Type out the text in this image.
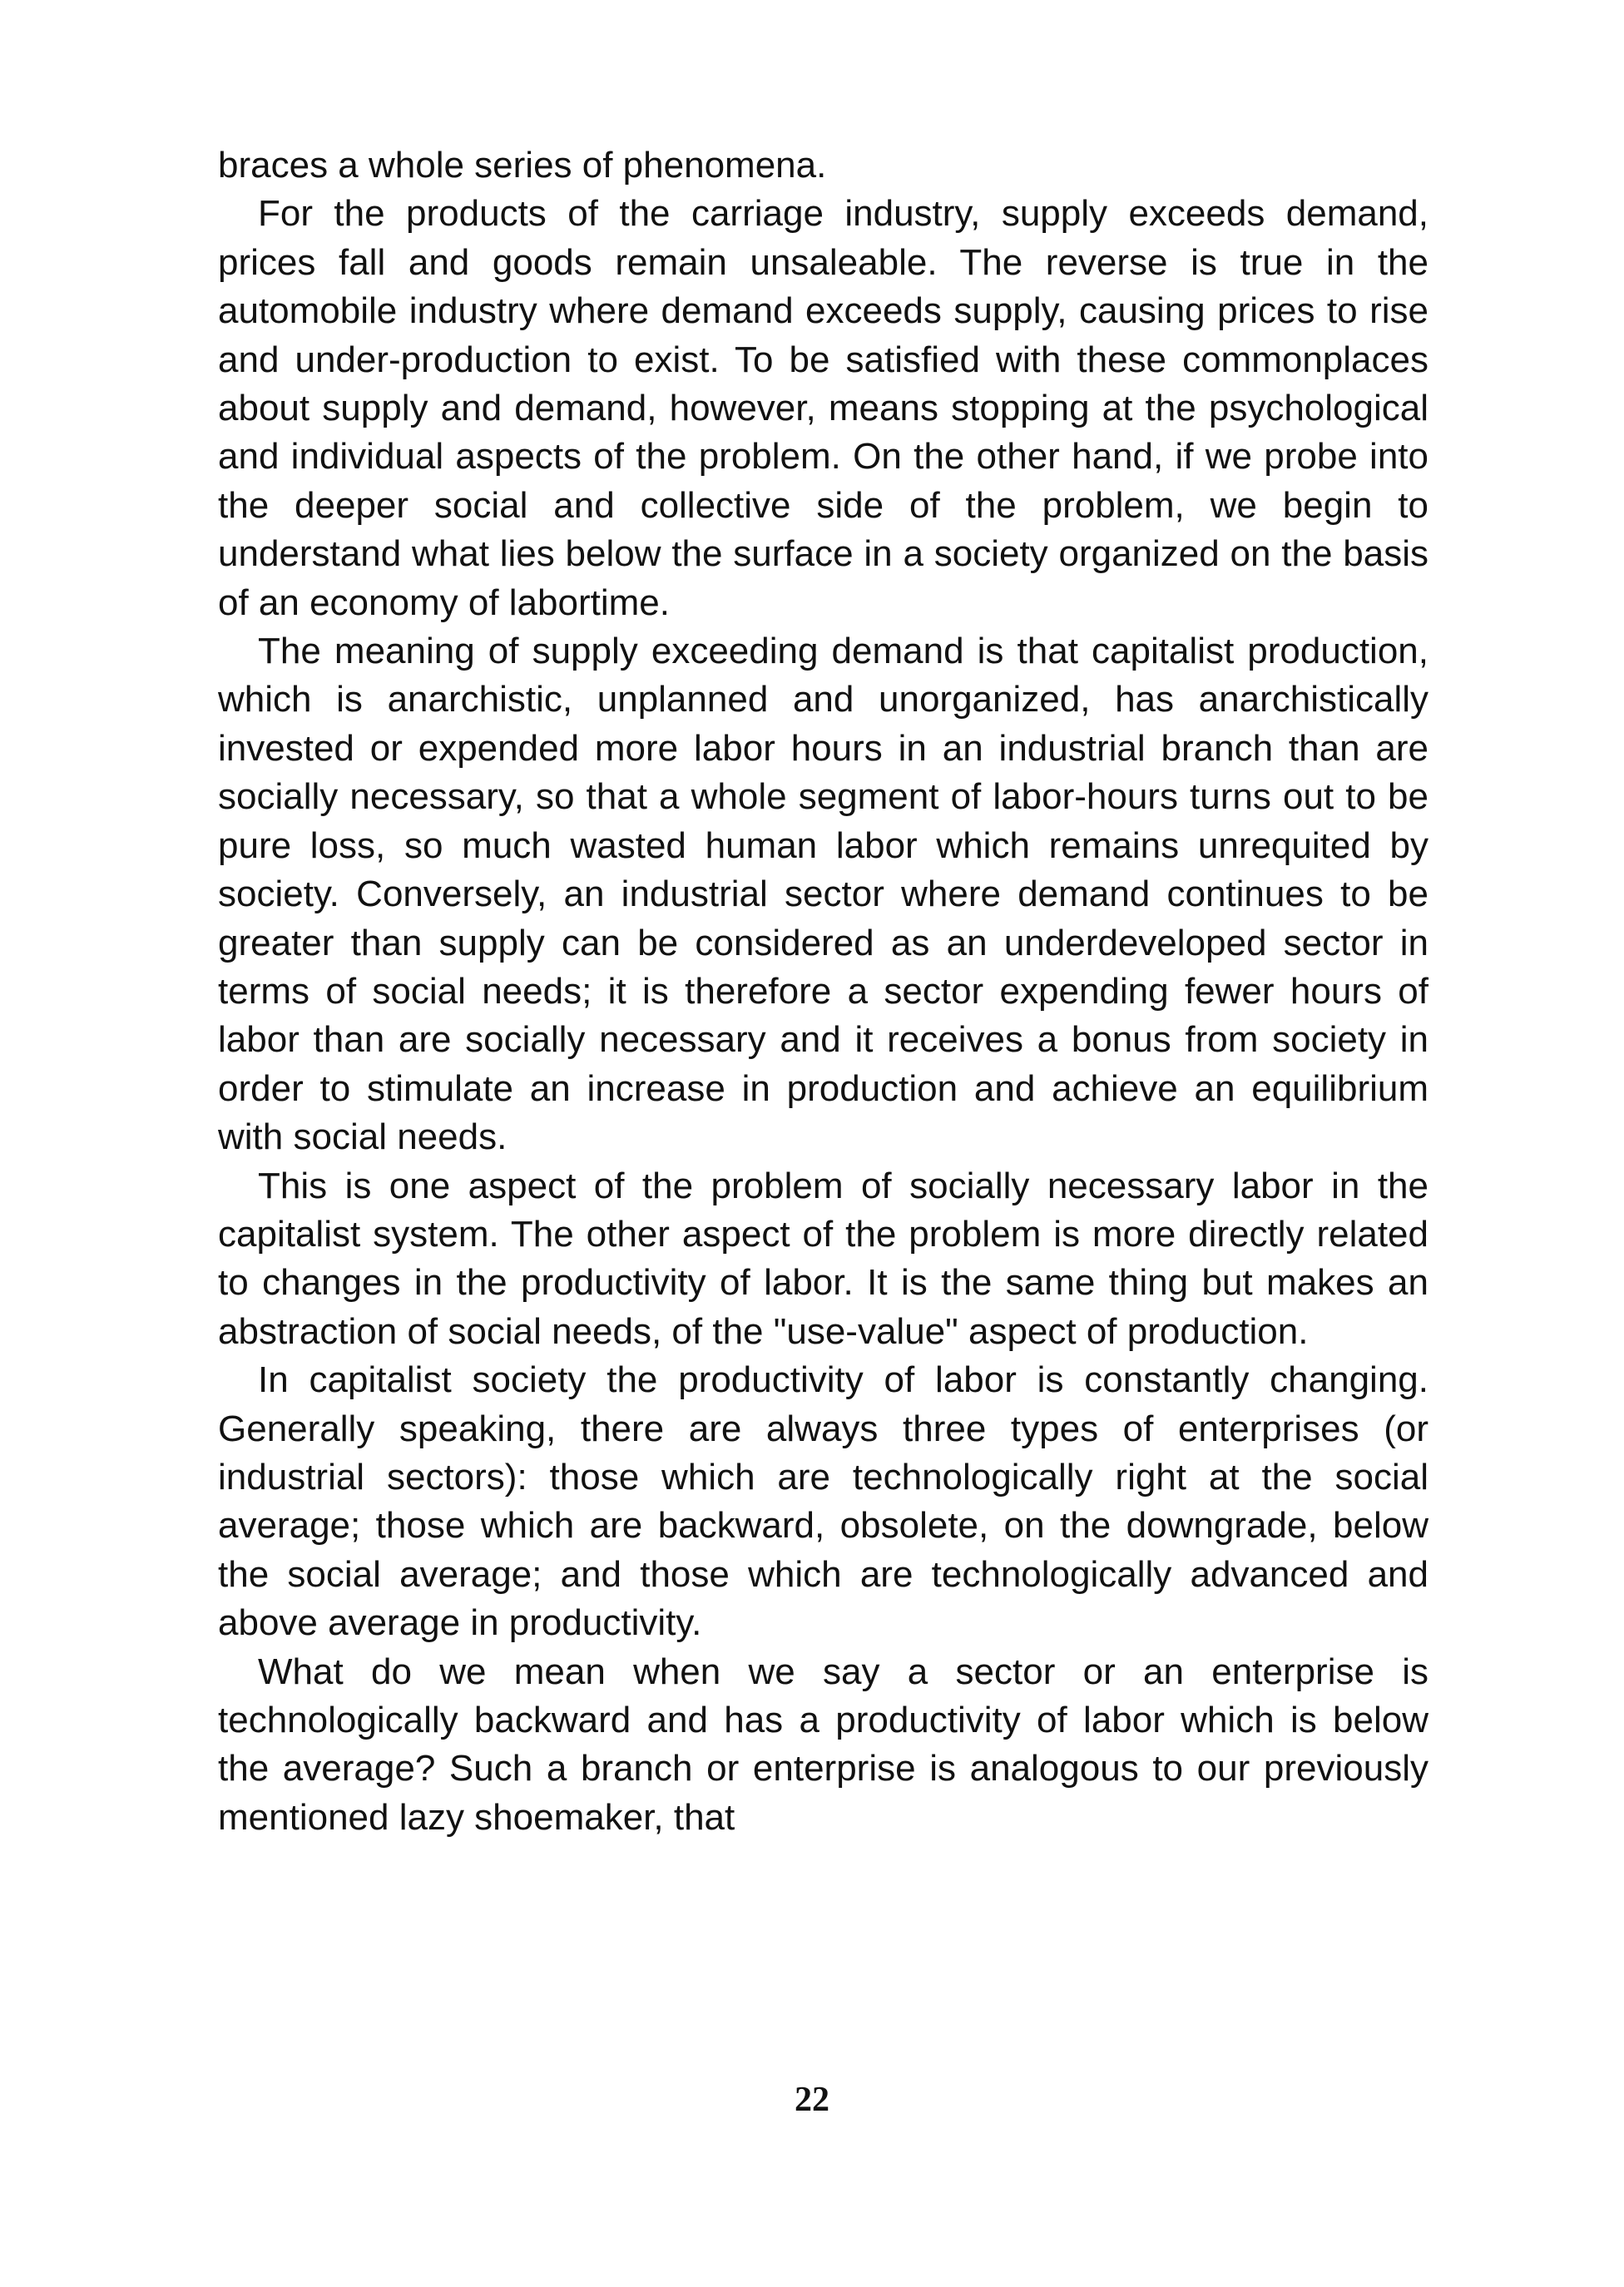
braces a whole series of phenomena.

For the products of the carriage industry, supply exceeds demand, prices fall and goods remain unsaleable. The reverse is true in the automobile industry where demand exceeds supply, causing prices to rise and under-production to exist. To be satisfied with these commonplaces about supply and demand, however, means stopping at the psychological and individual aspects of the problem. On the other hand, if we probe into the deeper social and collective side of the problem, we begin to understand what lies below the surface in a society organized on the basis of an economy of labortime.

The meaning of supply exceeding demand is that capitalist production, which is anarchistic, unplanned and unorganized, has anarchistically invested or expended more labor hours in an industrial branch than are socially necessary, so that a whole segment of labor-hours turns out to be pure loss, so much wasted human labor which remains unrequited by society. Conversely, an industrial sector where demand continues to be greater than supply can be considered as an underdeveloped sector in terms of social needs; it is therefore a sector expending fewer hours of labor than are socially necessary and it receives a bonus from society in order to stimulate an increase in production and achieve an equilibrium with social needs.

This is one aspect of the problem of socially necessary labor in the capitalist system. The other aspect of the problem is more directly related to changes in the productivity of labor. It is the same thing but makes an abstraction of social needs, of the "use-value" aspect of production.

In capitalist society the productivity of labor is constantly changing. Generally speaking, there are always three types of enterprises (or industrial sectors): those which are technologically right at the social average; those which are backward, obsolete, on the downgrade, below the social average; and those which are technologically advanced and above average in productivity.

What do we mean when we say a sector or an enterprise is technologically backward and has a productivity of labor which is below the average? Such a branch or enterprise is analogous to our previously mentioned lazy shoemaker, that

22
